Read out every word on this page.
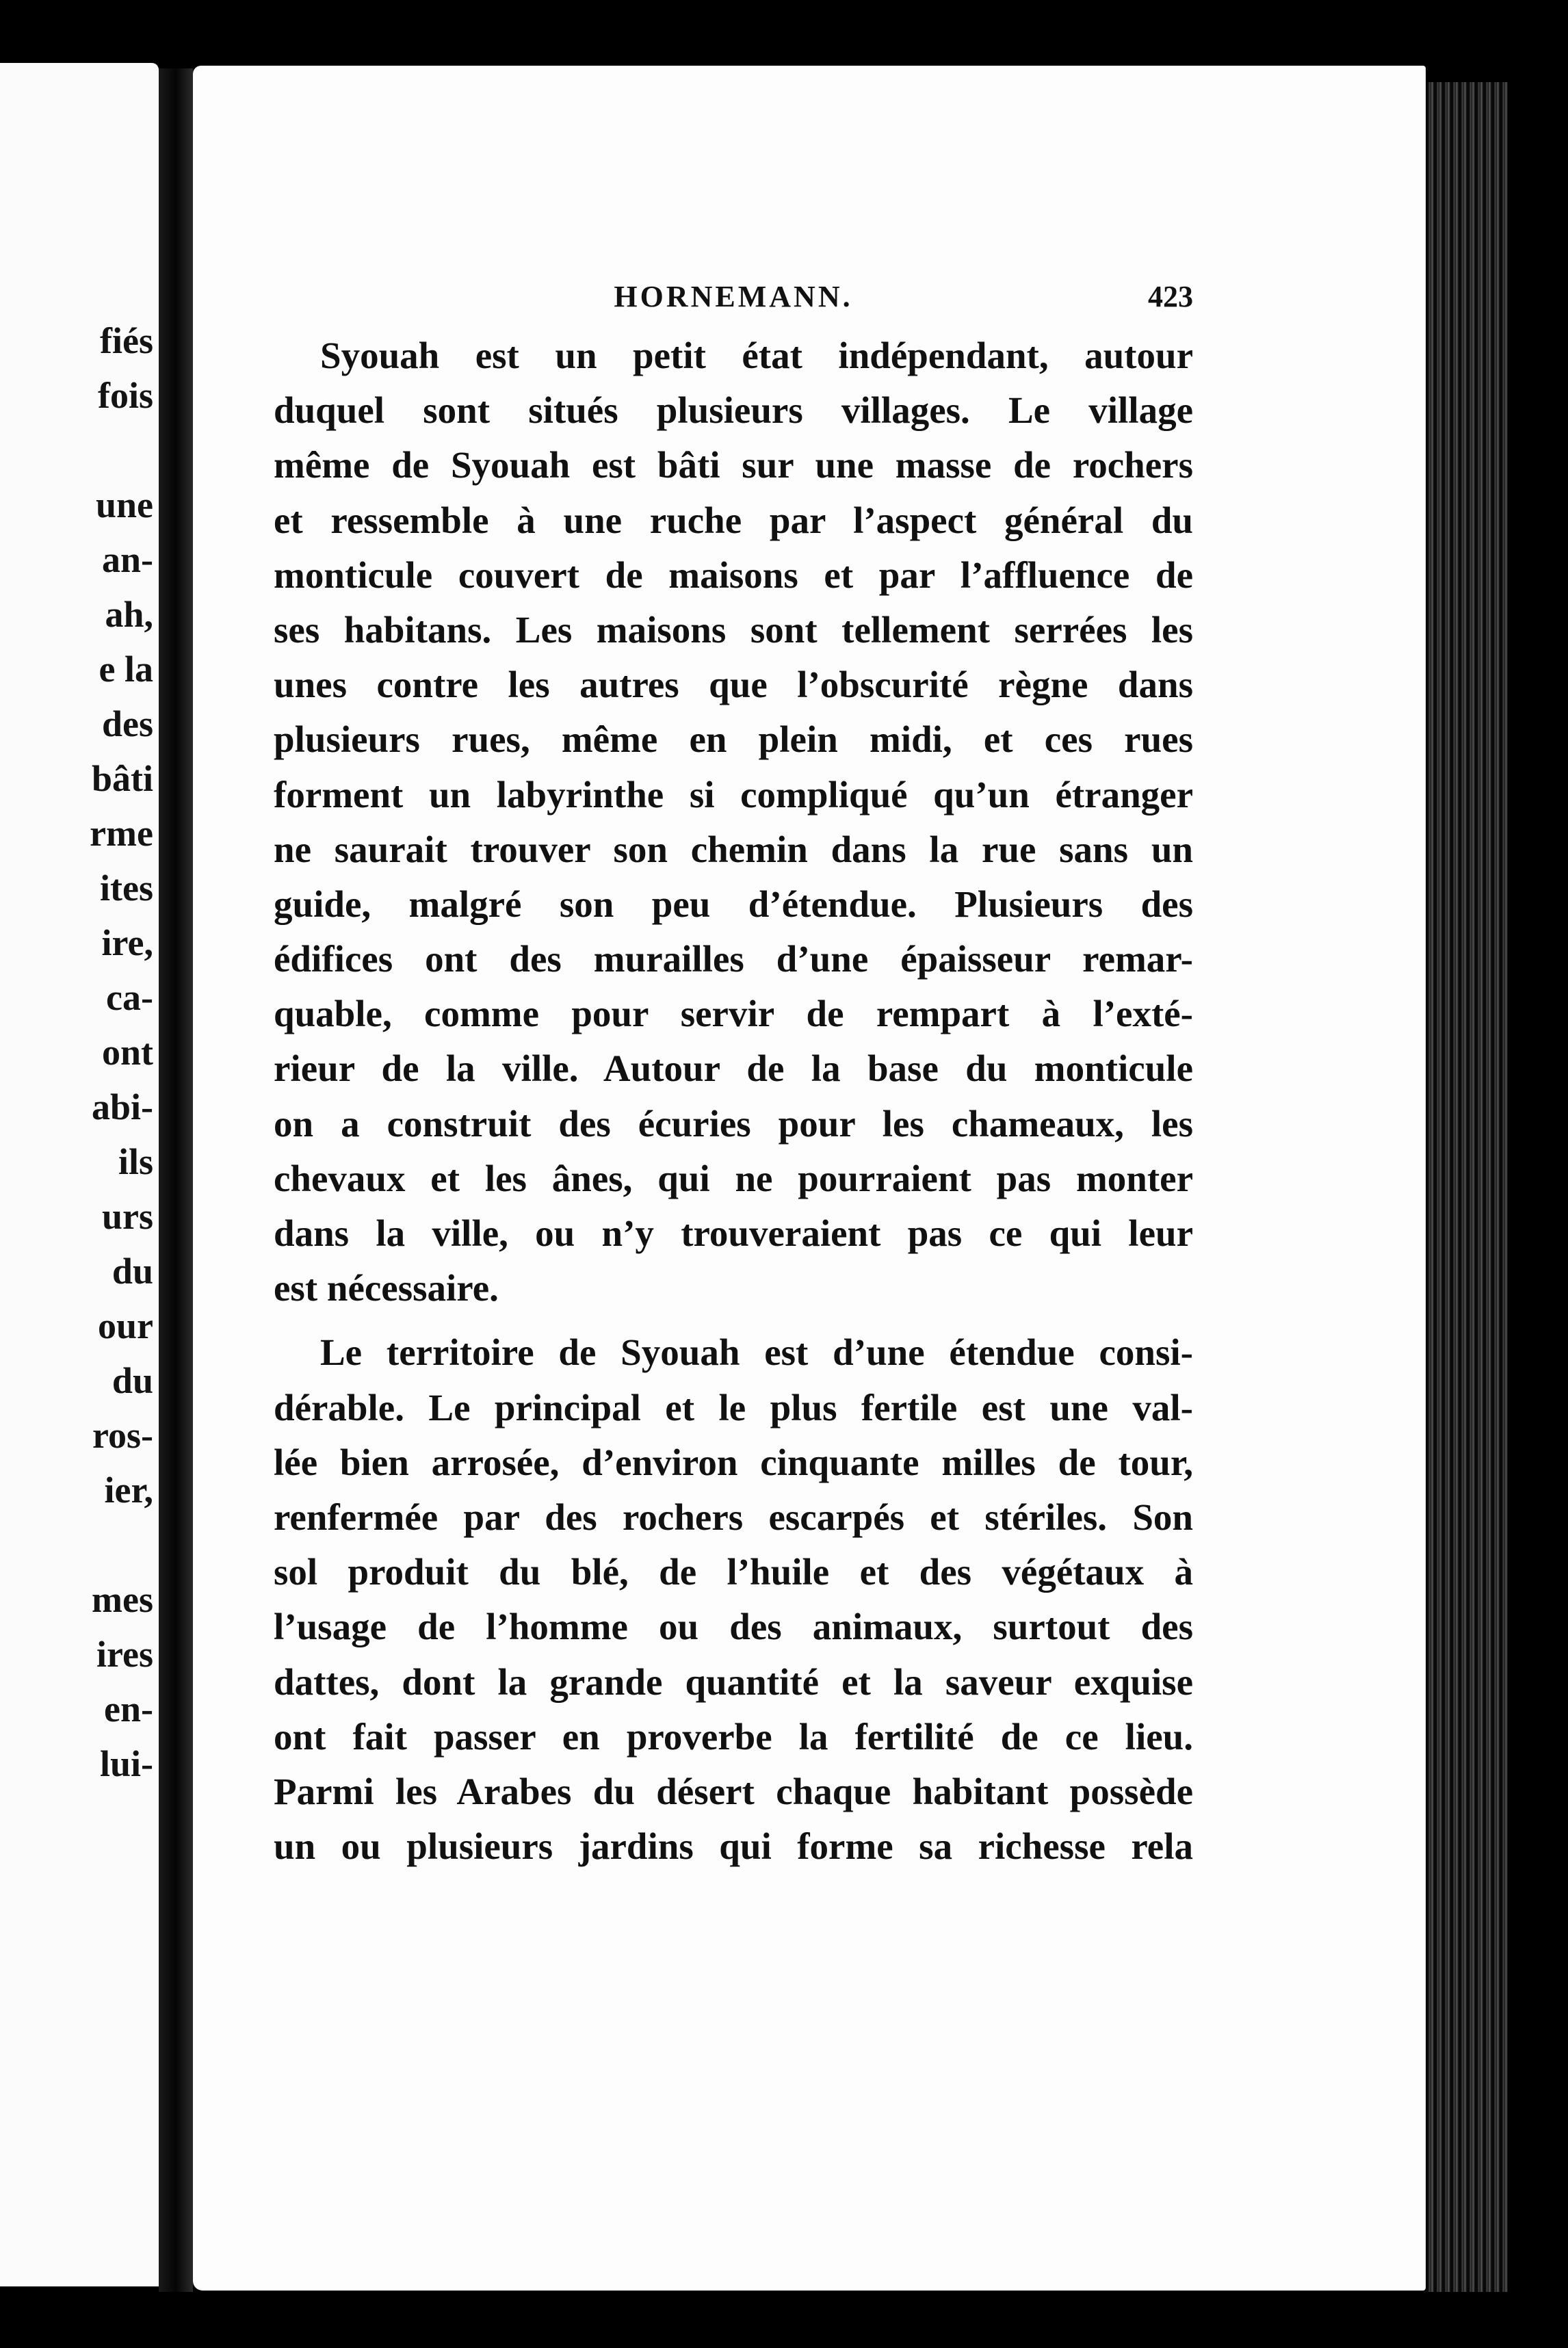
fiés
fois
une
an-
ah,
e la
des
bâti
rme
ites
ire,
ca-
ont
abi-
ils
urs
du
our
du
ros-
ier,
mes
ires
en-
lui-
HORNEMANN.	423
Syouah est un petit état indépendant, autour
duquel sont situés plusieurs villages. Le village
même de Syouah est bâti sur une masse de rochers
et ressemble à une ruche par l’aspect général du
monticule couvert de maisons et par l’affluence de
ses habitans. Les maisons sont tellement serrées les
unes contre les autres que l’obscurité règne dans
plusieurs rues, même en plein midi, et ces rues
forment un labyrinthe si compliqué qu’un étranger
ne saurait trouver son chemin dans la rue sans un
guide, malgré son peu d’étendue. Plusieurs des
édifices ont des murailles d’une épaisseur remar-
quable, comme pour servir de rempart à l’exté-
rieur de la ville. Autour de la base du monticule
on a construit des écuries pour les chameaux, les
chevaux et les ânes, qui ne pourraient pas monter
dans la ville, ou n’y trouveraient pas ce qui leur
est nécessaire.
Le territoire de Syouah est d’une étendue consi-
dérable. Le principal et le plus fertile est une val-
lée bien arrosée, d’environ cinquante milles de tour,
renfermée par des rochers escarpés et stériles. Son
sol produit du blé, de l’huile et des végétaux à
l’usage de l’homme ou des animaux, surtout des
dattes, dont la grande quantité et la saveur exquise
ont fait passer en proverbe la fertilité de ce lieu.
Parmi les Arabes du désert chaque habitant possède
un ou plusieurs jardins qui forme sa richesse rela
